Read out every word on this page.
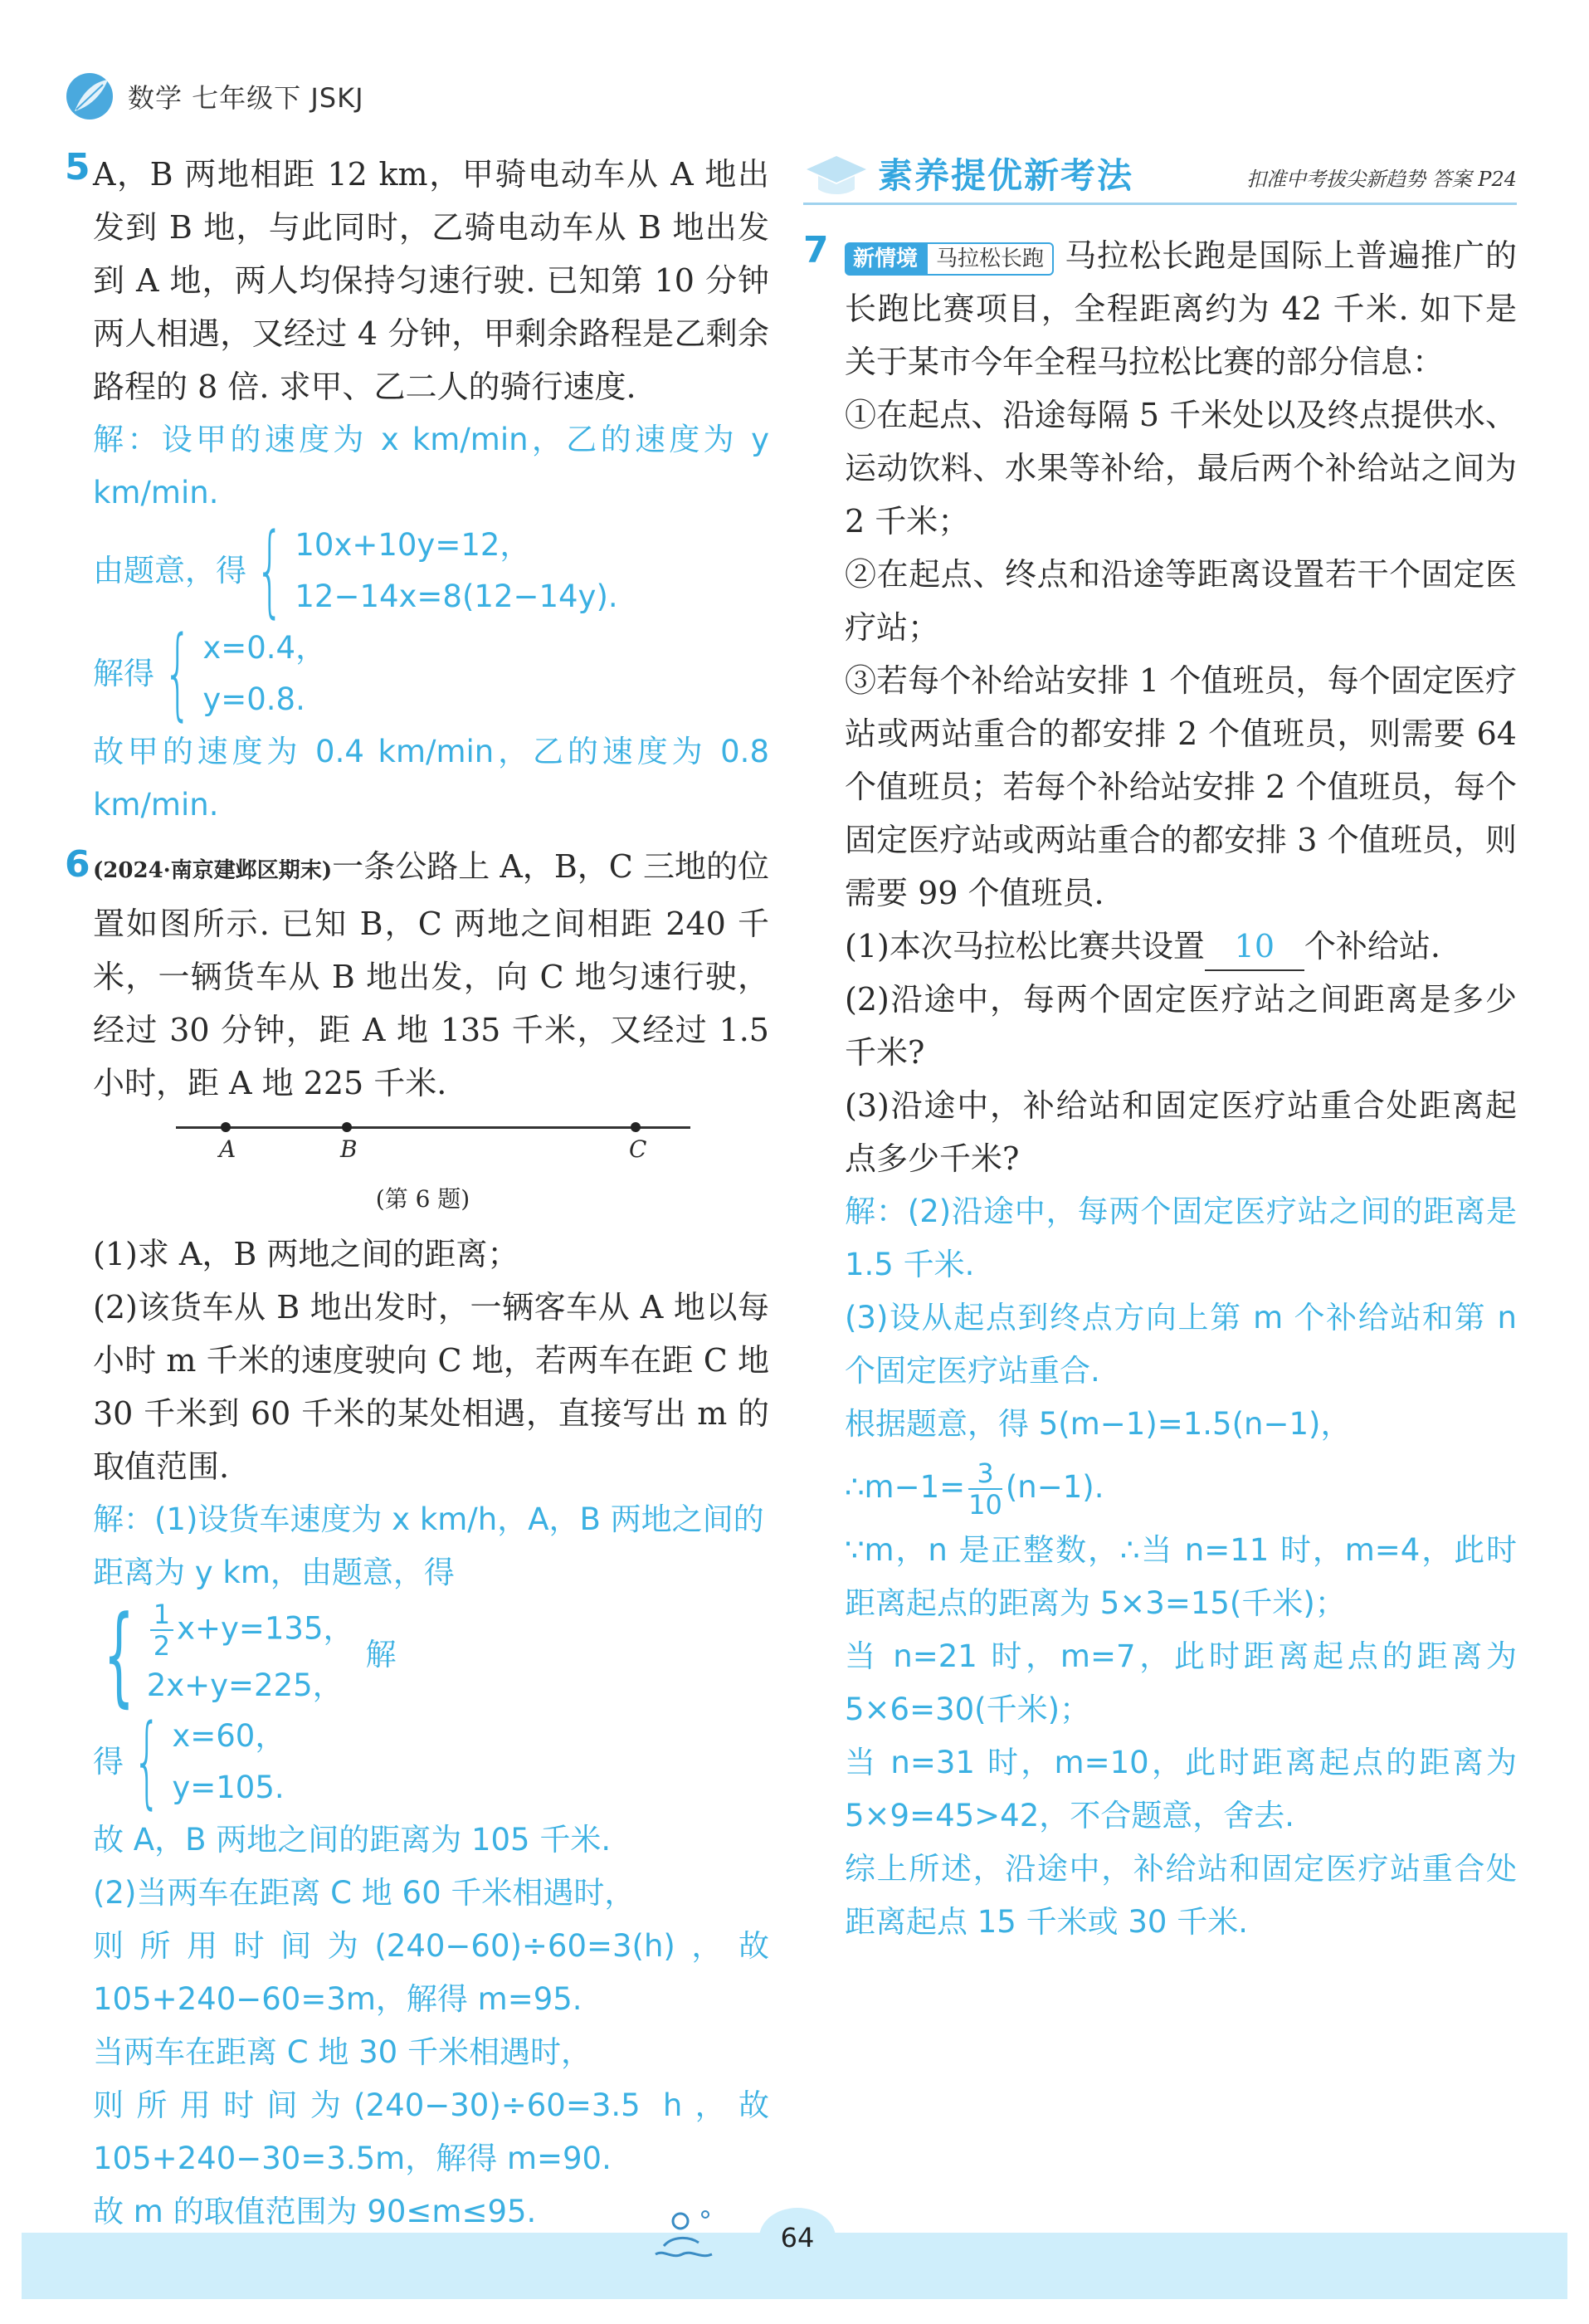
数学 七年级下 JSKJ
5 A，B 两地相距 12 km，甲骑电动车从 A 地出发到 B 地，与此同时，乙骑电动车从 B 地出发到 A 地，两人均保持匀速行驶. 已知第 10 分钟两人相遇，又经过 4 分钟，甲剩余路程是乙剩余路程的 8 倍. 求甲、乙二人的骑行速度.

解：设甲的速度为 x km/min，乙的速度为 y km/min.

由题意，得 { 10x+10y=12，
12−14x=8(12−14y).
解得 { x=0.4，
y=0.8.

故甲的速度为 0.4 km/min，乙的速度为 0.8 km/min.

(2024·南京建邺区期末)一条公路上 A，B，C 三地的位置如图所示. 已知 B，C 两地之间相距 240 千米，一辆货车从 B 地出发，向 C 地匀速行驶，经过 30 分钟，距 A 地 135 千米，又经过 1.5 小时，距 A 地 225 千米.

A	B	C
(第 6 题)

(1)求 A，B 两地之间的距离；

(2)该货车从 B 地出发时，一辆客车从 A 地以每小时 m 千米的速度驶向 C 地，若两车在距 C 地 30 千米到 60 千米的某处相遇，直接写出 m 的取值范围.

解：(1)设货车速度为 x km/h，A，B 两地之间的距离为 y km，由题意，得
{ $\frac{1}{2} x+y=135$，
2x+y=225，
解
得 { x=60，
y=105.

故 A，B 两地之间的距离为 105 千米.

(2)当两车在距离 C 地 60 千米相遇时，

则所用时间为(240−60)÷60=3(h)，故 105+240−60=3m，解得 m=95.

当两车在距离 C 地 30 千米相遇时，

则所用时间为(240−30)÷60=3.5 h，故 105+240−30=3.5m，解得 m=90.

故 m 的取值范围为 90≤m≤95.

6
素养提优新考法	扣准中考拔尖新趋势 答案 P24
7	新情境 马拉松长跑 马拉松长跑是国际上普遍推广的长跑比赛项目，全程距离约为 42 千米. 如下是关于某市今年全程马拉松比赛的部分信息：

①在起点、沿途每隔 5 千米处以及终点提供水、运动饮料、水果等补给，最后两个补给站之间为 2 千米；

②在起点、终点和沿途等距离设置若干个固定医疗站；

③若每个补给站安排 1 个值班员，每个固定医疗站或两站重合的都安排 2 个值班员，则需要 64 个值班员；若每个补给站安排 2 个值班员，每个固定医疗站或两站重合的都安排 3 个值班员，则需要 99 个值班员.

(1)本次马拉松比赛共设置 10 个补给站.

(2)沿途中，每两个固定医疗站之间距离是多少千米?

(3)沿途中，补给站和固定医疗站重合处距离起点多少千米?

解：(2)沿途中，每两个固定医疗站之间的距离是 1.5 千米.

(3)设从起点到终点方向上第 m 个补给站和第 n 个固定医疗站重合.

根据题意，得 5(m−1)=1.5(n−1)，

∴m−1= $\frac{3}{10} (n-1)$.

∵m，n 是正整数，∴当 n=11 时，m=4，此时距离起点的距离为 5×3=15(千米)；

当 n=21 时，m=7，此时距离起点的距离为 5×6=30(千米)；

当 n=31 时，m=10，此时距离起点的距离为 5×9=45>42，不合题意，舍去.

综上所述，沿途中，补给站和固定医疗站重合处距离起点 15 千米或 30 千米.

64
